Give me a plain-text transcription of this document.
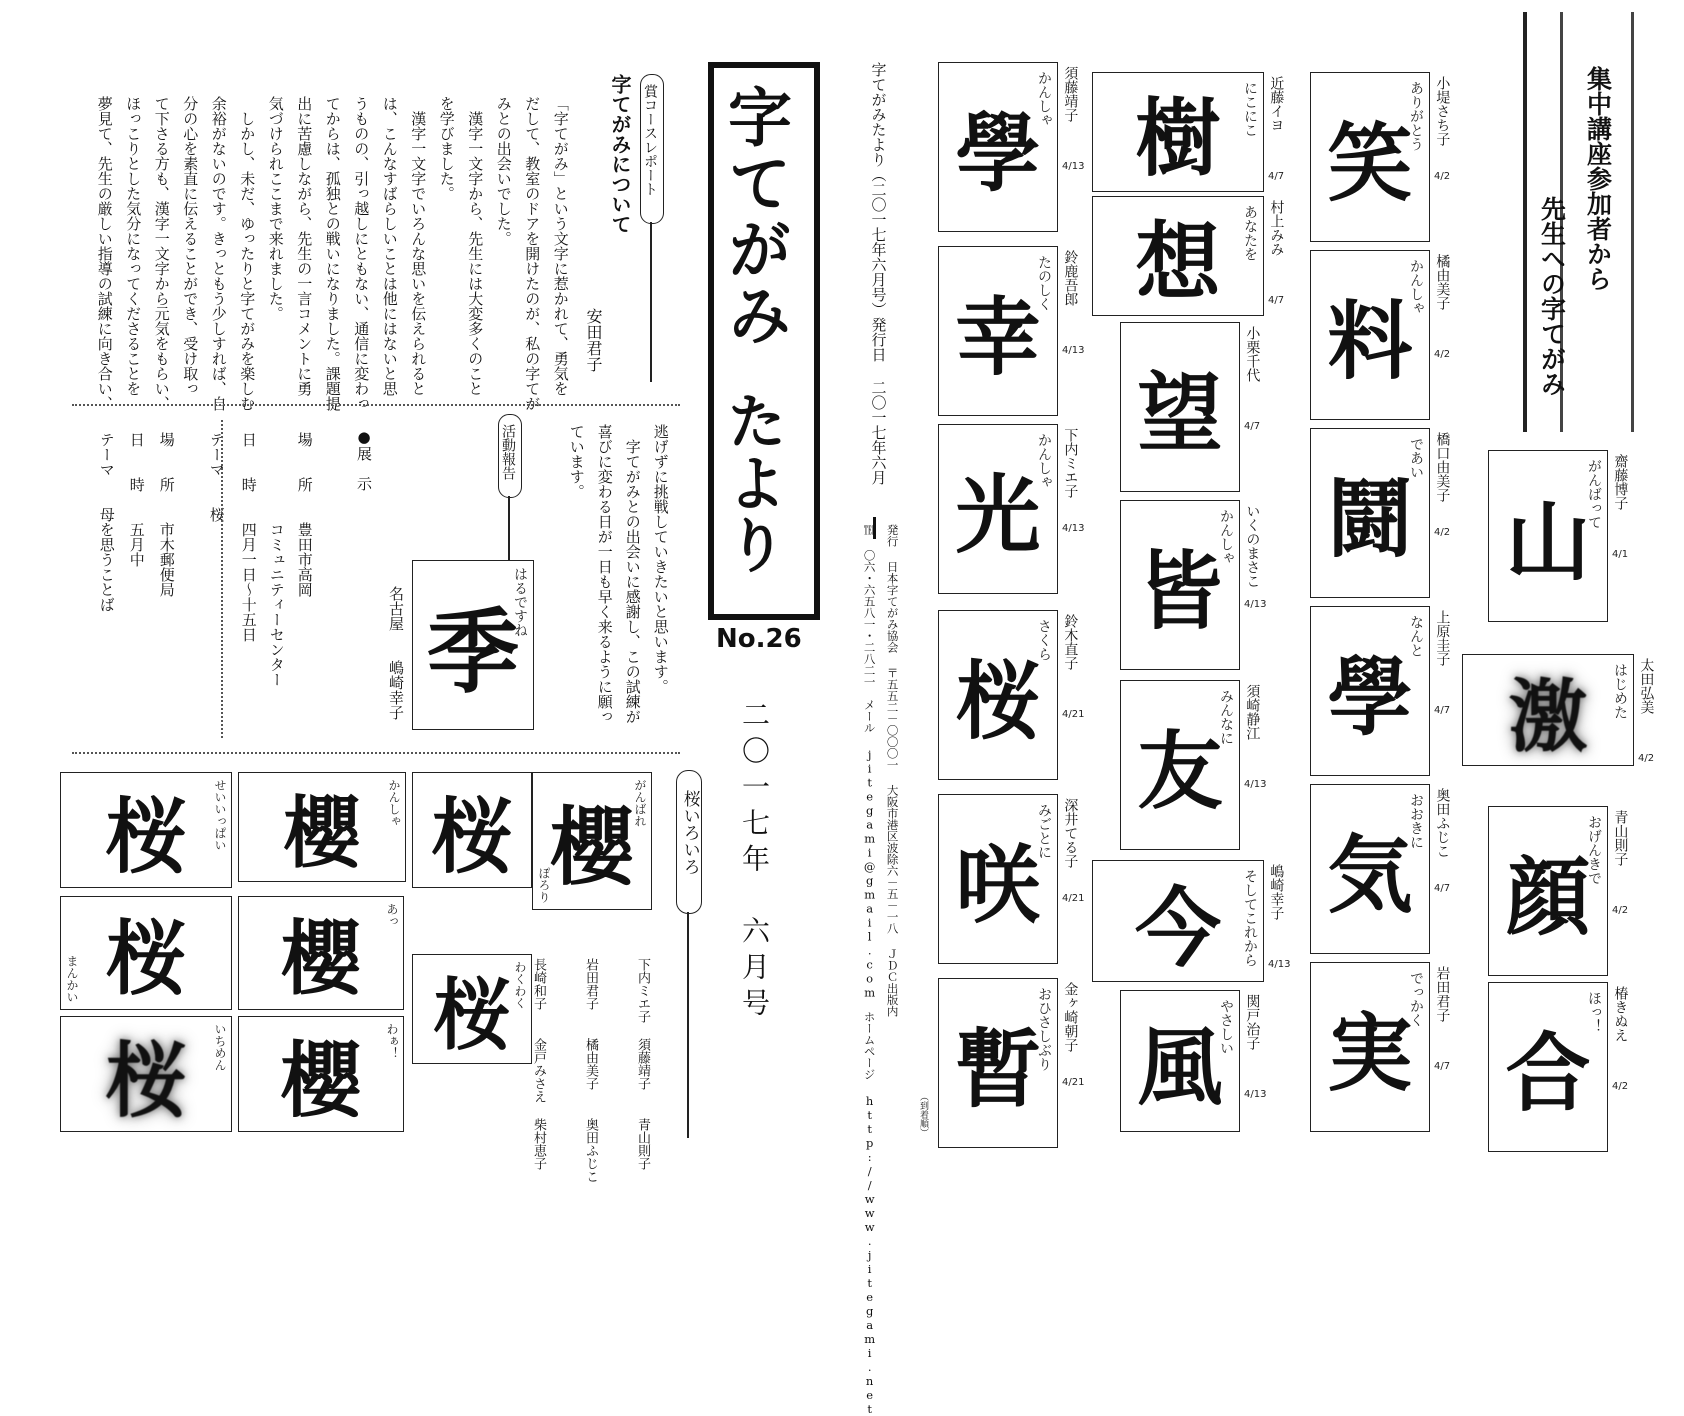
集中講座参加者から
先生への字てがみ
笑
ありがとう 小堤さち子
4/2
料
かんしゃ 橘由美子
4/2
鬪
であい 橋口由美子
4/2
學
なんと 上原圭子
4/7
気
おおきに 奥田ふじこ
4/7
実
でっかく 岩田君子
4/7
樹	にこにこ 近藤イヨ
4/7
想	あなたを 村上みみ
4/7
望
小栗千代
4/7
皆
かんしゃ いくのまさこ
4/13
友
みんなに 須崎静江
4/13
今	そしてこれから 嶋崎幸子
4/13
風
やさしい 関戸治子
4/13
學
かんしゃ 須藤靖子
4/13
幸
たのしく 鈴鹿吾郎
4/13
光
かんしゃ 下内ミエ子
4/13
桜
さくら 鈴木直子
4/21
咲
みごとに 深井てる子
4/21
暫
おひさしぶり 金ヶ崎朝子
4/21
山
がんばって 齋藤博子
4/1
激	はじめた 太田弘美
4/2
顔
おげんきで 青山則子
4/2
合
ほっ！ 椿きぬえ
4/2
字てがみたより（二〇一七年六月号）発行日 二〇一七年六月
発行 日本字てがみ協会 〒五五二－〇〇〇一 大阪市港区波除六－五－一八 ＪＤＣ出版内
℡ 〇六・六五八一・二八二一　メール jitegami@gmail.com　ホームページ http://www.jitegami.net	（到着順）
字てがみ
たより
No.26
二〇一七年　六月号
賞コースレポート
字てがみについて
安田君子
「字てがみ」という文字に惹かれて、勇気を
だして、教室のドアを開けたのが、私の字てが
みとの出会いでした。
　漢字一文字から、先生には大変多くのこと
を学びました。
　漢字一文字でいろんな思いを伝えられると
は、こんなすばらしいことは他にはないと思
うものの、引っ越しにともない、通信に変わっ
てからは、孤独との戦いになりました。課題提
出に苦慮しながら、先生の一言コメントに勇
気づけられここまで来れました。
　しかし、未だ、ゆったりと字てがみを楽しむ
余裕がないのです。きっともう少しすれば、自
分の心を素直に伝えることができ、受け取っ
て下さる方も、漢字一文字から元気をもらい、
ほっこりとした気分になってくださることを
夢見て、先生の厳しい指導の試練に向き合い、
逃げずに挑戦していきたいと思います。
　字てがみとの出会いに感謝し、この試練が
喜びに変わる日が一日も早く来るように願っ
ています。
活動報告
季
はるですね
名古屋
嶋崎幸子
●展　示
場　　所　　豊田市高岡
　　　　　　コミュニティーセンター
日　　時　　四月一日～十五日
テーマ　　桜
場　　所　　市木郵便局
日　　時　　五月中
テーマ　　母を思うことば
桜いろいろ
櫻
がんばれ
ぽろり
桜
櫻	かんしゃ
桜	せいいっぱい
櫻	あっ
桜
まんかい	桜 わくわく
櫻	わぁ！
桜	いちめん
下内ミエ子
須藤靖子
青山則子
岩田君子
橘由美子
奥田ふじこ
長崎和子
金戸みさえ
柴村恵子
